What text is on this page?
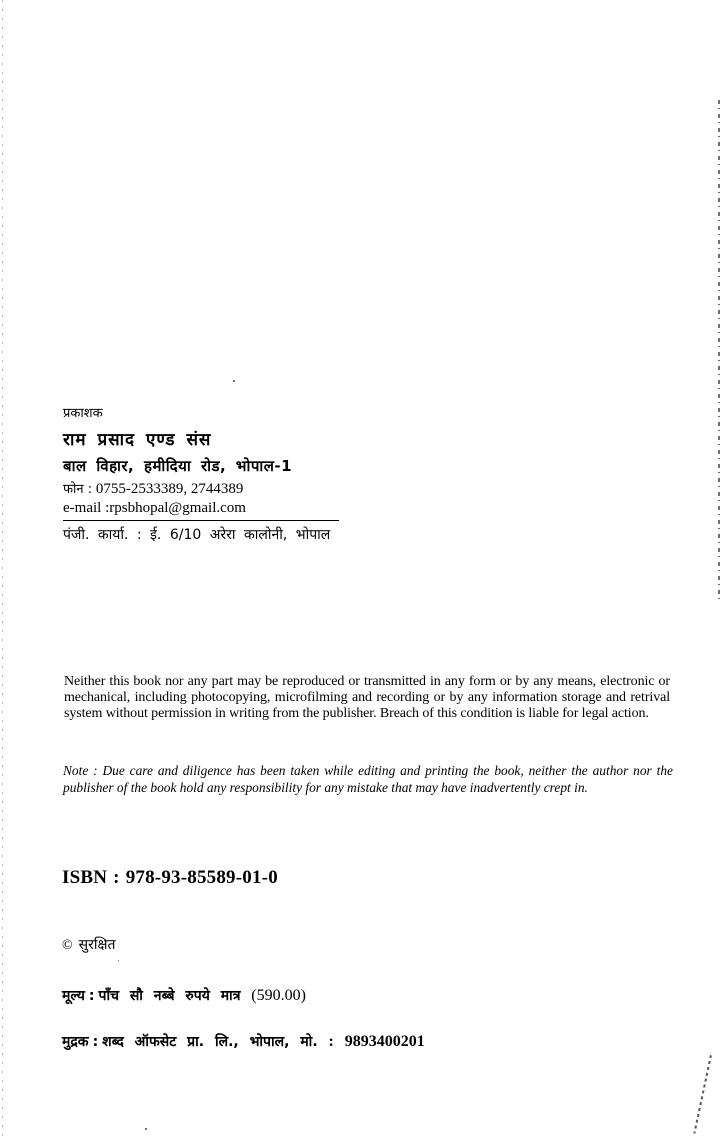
प्रकाशक

राम प्रसाद एण्ड संस

बाल विहार, हमीदिया रोड, भोपाल-1

फोन : 0755-2533389, 2744389

e-mail :rpsbhopal@gmail.com

पंजी. कार्या. : ई. 6/10 अरेरा कालोनी, भोपाल

Neither this book nor any part may be reproduced or transmitted in any form or by any means, electronic or mechanical, including photocopying, microfilming and recording or by any information storage and retrival system without permission in writing from the publisher. Breach of this condition is liable for legal action.

Note : Due care and diligence has been taken while editing and printing the book, neither the author nor the publisher of the book hold any responsibility for any mistake that may have inadvertently crept in.

ISBN : 978-93-85589-01-0
© सुरक्षित
मूल्य : पाँच सौ नब्बे रुपये मात्र (590.00)
मुद्रक : शब्द ऑफसेट प्रा. लि., भोपाल, मो. : 9893400201
